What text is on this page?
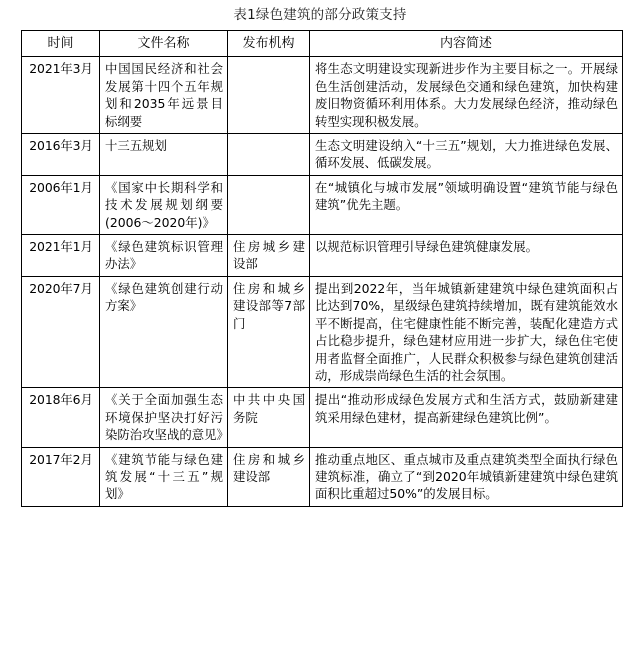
表1绿色建筑的部分政策支持
时间	文件名称	发布机构	内容简述
2021年3月	中国国民经济和社会发展第十四个五年规划和2035年远景目标纲要		将生态文明建设实现新进步作为主要目标之一。开展绿色生活创建活动，发展绿色交通和绿色建筑，加快构建废旧物资循环利用体系。大力发展绿色经济，推动绿色转型实现积极发展。
2016年3月	十三五规划		生态文明建设纳入“十三五”规划，大力推进绿色发展、循环发展、低碳发展。
2006年1月	《国家中长期科学和技术发展规划纲要(2006～2020年)》		在“城镇化与城市发展”领域明确设置“建筑节能与绿色建筑”优先主题。
2021年1月	《绿色建筑标识管理办法》	住房城乡建设部	以规范标识管理引导绿色建筑健康发展。
2020年7月	《绿色建筑创建行动方案》	住房和城乡建设部等7部门	提出到2022年，当年城镇新建建筑中绿色建筑面积占比达到70%，星级绿色建筑持续增加，既有建筑能效水平不断提高，住宅健康性能不断完善，装配化建造方式占比稳步提升，绿色建材应用进一步扩大，绿色住宅使用者监督全面推广，人民群众积极参与绿色建筑创建活动，形成崇尚绿色生活的社会氛围。
2018年6月	《关于全面加强生态环境保护坚决打好污染防治攻坚战的意见》	中共中央国务院	提出“推动形成绿色发展方式和生活方式，鼓励新建建筑采用绿色建材，提高新建绿色建筑比例”。
2017年2月	《建筑节能与绿色建筑发展“十三五”规划》	住房和城乡建设部	推动重点地区、重点城市及重点建筑类型全面执行绿色建筑标准，确立了“到2020年城镇新建建筑中绿色建筑面积比重超过50%”的发展目标。
